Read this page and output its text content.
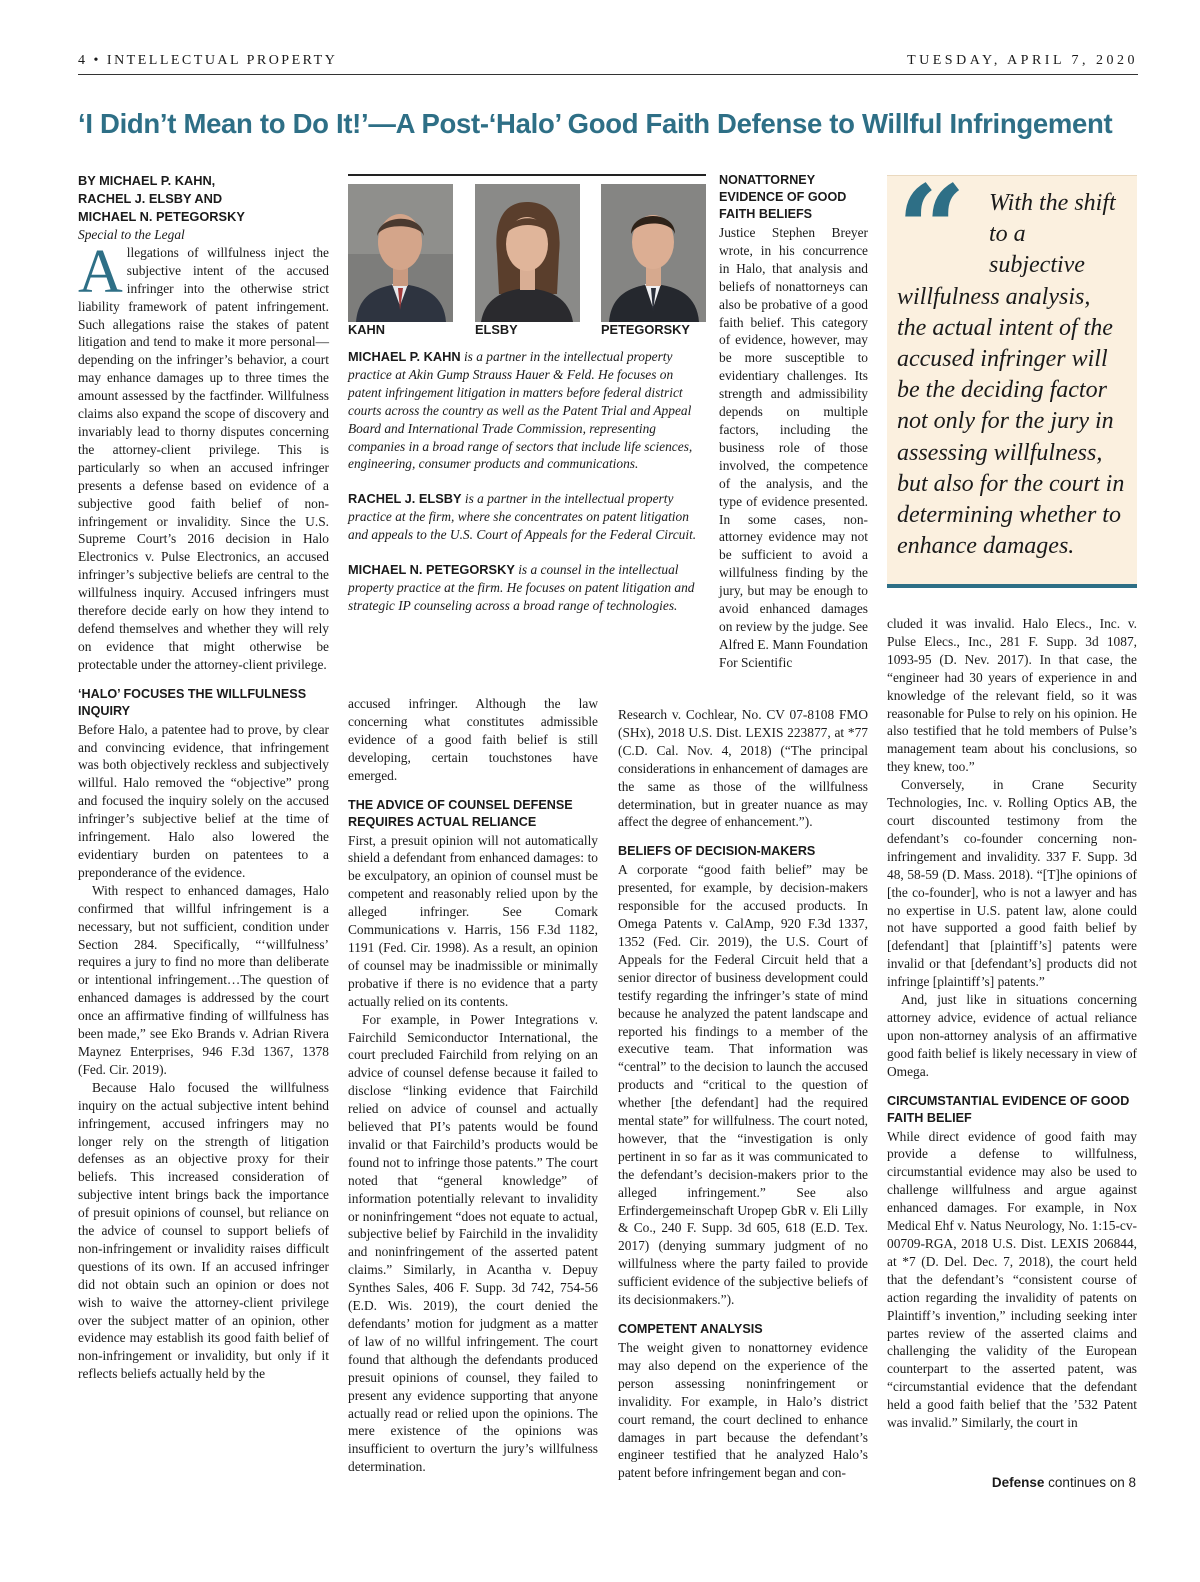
4 • INTELLECTUAL PROPERTY	TUESDAY, APRIL 7, 2020
‘I Didn’t Mean to Do It!’—A Post-‘Halo’ Good Faith Defense to Willful Infringement

BY MICHAEL P. KAHN,

RACHEL J. ELSBY AND

MICHAEL N. PETEGORSKY

Special to the Legal

Allegations of willfulness inject the subjective intent of the accused infringer into the otherwise strict liability framework of patent infringement. Such allegations raise the stakes of patent litigation and tend to make it more personal—depending on the infringer’s behavior, a court may enhance damages up to three times the amount assessed by the factfinder. Willfulness claims also expand the scope of discovery and invariably lead to thorny disputes concerning the attorney-client privilege. This is particularly so when an accused infringer presents a defense based on evidence of a subjective good faith belief of non-infringement or invalidity. Since the U.S. Supreme Court’s 2016 decision in Halo Electronics v. Pulse Electronics, an accused infringer’s subjective beliefs are central to the willfulness inquiry. Accused infringers must therefore decide early on how they intend to defend themselves and whether they will rely on evidence that might otherwise be protectable under the attorney-client privilege.

‘HALO’ FOCUSES THE WILLFULNESS INQUIRY

Before Halo, a patentee had to prove, by clear and convincing evidence, that infringement was both objectively reckless and subjectively willful. Halo removed the “objective” prong and focused the inquiry solely on the accused infringer’s subjective belief at the time of infringement. Halo also lowered the evidentiary burden on patentees to a preponderance of the evidence.

With respect to enhanced damages, Halo confirmed that willful infringement is a necessary, but not sufficient, condition under Section 284. Specifically, “‘willfulness’ requires a jury to find no more than deliberate or intentional infringement…The question of enhanced damages is addressed by the court once an affirmative finding of willfulness has been made,” see Eko Brands v. Adrian Rivera Maynez Enterprises, 946 F.3d 1367, 1378 (Fed. Cir. 2019).

Because Halo focused the willfulness inquiry on the actual subjective intent behind infringement, accused infringers may no longer rely on the strength of litigation defenses as an objective proxy for their beliefs. This increased consideration of subjective intent brings back the importance of presuit opinions of counsel, but reliance on the advice of counsel to support beliefs of non-infringement or invalidity raises difficult questions of its own. If an accused infringer did not obtain such an opinion or does not wish to waive the attorney-client privilege over the subject matter of an opinion, other evidence may establish its good faith belief of non-infringement or invalidity, but only if it reflects beliefs actually held by the

KAHN	ELSBY	PETEGORSKY

MICHAEL P. KAHN is a partner in the intellectual property practice at Akin Gump Strauss Hauer & Feld. He focuses on patent infringement litigation in matters before federal district courts across the country as well as the Patent Trial and Appeal Board and International Trade Commission, representing companies in a broad range of sectors that include life sciences, engineering, consumer products and communications.

RACHEL J. ELSBY is a partner in the intellectual property practice at the firm, where she concentrates on patent litigation and appeals to the U.S. Court of Appeals for the Federal Circuit.

MICHAEL N. PETEGORSKY is a counsel in the intellectual property practice at the firm. He focuses on patent litigation and strategic IP counseling across a broad range of technologies.

accused infringer. Although the law concerning what constitutes admissible evidence of a good faith belief is still developing, certain touchstones have emerged.

THE ADVICE OF COUNSEL DEFENSE REQUIRES ACTUAL RELIANCE

First, a presuit opinion will not automatically shield a defendant from enhanced damages: to be exculpatory, an opinion of counsel must be competent and reasonably relied upon by the alleged infringer. See Comark Communications v. Harris, 156 F.3d 1182, 1191 (Fed. Cir. 1998). As a result, an opinion of counsel may be inadmissible or minimally probative if there is no evidence that a party actually relied on its contents.

For example, in Power Integrations v. Fairchild Semiconductor International, the court precluded Fairchild from relying on an advice of counsel defense because it failed to disclose “linking evidence that Fairchild relied on advice of counsel and actually believed that PI’s patents would be found invalid or that Fairchild’s products would be found not to infringe those patents.” The court noted that “general knowledge” of information potentially relevant to invalidity or noninfringement “does not equate to actual, subjective belief by Fairchild in the invalidity and noninfringement of the asserted patent claims.” Similarly, in Acantha v. Depuy Synthes Sales, 406 F. Supp. 3d 742, 754-56 (E.D. Wis. 2019), the court denied the defendants’ motion for judgment as a matter of law of no willful infringement. The court found that although the defendants produced presuit opinions of counsel, they failed to present any evidence supporting that anyone actually read or relied upon the opinions. The mere existence of the opinions was insufficient to overturn the jury’s willfulness determination.

NONATTORNEY EVIDENCE OF GOOD FAITH BELIEFS

Justice Stephen Breyer wrote, in his concurrence in Halo, that analysis and beliefs of nonattorneys can also be probative of a good faith belief. This category of evidence, however, may be more susceptible to evidentiary challenges. Its strength and admissibility depends on multiple factors, including the business role of those involved, the competence of the analysis, and the type of evidence presented. In some cases, non-attorney evidence may not be sufficient to avoid a willfulness finding by the jury, but may be enough to avoid enhanced damages on review by the judge. See Alfred E. Mann Foundation For Scientific

Research v. Cochlear, No. CV 07-8108 FMO (SHx), 2018 U.S. Dist. LEXIS 223877, at *77 (C.D. Cal. Nov. 4, 2018) (“The principal considerations in enhancement of damages are the same as those of the willfulness determination, but in greater nuance as may affect the degree of enhancement.”).

BELIEFS OF DECISION-MAKERS

A corporate “good faith belief” may be presented, for example, by decision-makers responsible for the accused products. In Omega Patents v. CalAmp, 920 F.3d 1337, 1352 (Fed. Cir. 2019), the U.S. Court of Appeals for the Federal Circuit held that a senior director of business development could testify regarding the infringer’s state of mind because he analyzed the patent landscape and reported his findings to a member of the executive team. That information was “central” to the decision to launch the accused products and “critical to the question of whether [the defendant] had the required mental state” for willfulness. The court noted, however, that the “investigation is only pertinent in so far as it was communicated to the defendant’s decision-makers prior to the alleged infringement.” See also Erfindergemeinschaft Uropep GbR v. Eli Lilly & Co., 240 F. Supp. 3d 605, 618 (E.D. Tex. 2017) (denying summary judgment of no willfulness where the party failed to provide sufficient evidence of the subjective beliefs of its decisionmakers.”).

COMPETENT ANALYSIS

The weight given to nonattorney evidence may also depend on the experience of the person assessing noninfringement or invalidity. For example, in Halo’s district court remand, the court declined to enhance damages in part because the defendant’s engineer testified that he analyzed Halo’s patent before infringement began and con-

“ With the shift to a subjective willfulness analysis, the actual intent of the accused infringer will be the deciding factor not only for the jury in assessing willfulness, but also for the court in determining whether to enhance damages.

cluded it was invalid. Halo Elecs., Inc. v. Pulse Elecs., Inc., 281 F. Supp. 3d 1087, 1093-95 (D. Nev. 2017). In that case, the “engineer had 30 years of experience in and knowledge of the relevant field, so it was reasonable for Pulse to rely on his opinion. He also testified that he told members of Pulse’s management team about his conclusions, so they knew, too.”

Conversely, in Crane Security Technologies, Inc. v. Rolling Optics AB, the court discounted testimony from the defendant’s co-founder concerning non-infringement and invalidity. 337 F. Supp. 3d 48, 58-59 (D. Mass. 2018). “[T]he opinions of [the co-founder], who is not a lawyer and has no expertise in U.S. patent law, alone could not have supported a good faith belief by [defendant] that [plaintiff’s] patents were invalid or that [defendant’s] products did not infringe [plaintiff’s] patents.”

And, just like in situations concerning attorney advice, evidence of actual reliance upon non-attorney analysis of an affirmative good faith belief is likely necessary in view of Omega.

CIRCUMSTANTIAL EVIDENCE OF GOOD FAITH BELIEF

While direct evidence of good faith may provide a defense to willfulness, circumstantial evidence may also be used to challenge willfulness and argue against enhanced damages. For example, in Nox Medical Ehf v. Natus Neurology, No. 1:15-cv-00709-RGA, 2018 U.S. Dist. LEXIS 206844, at *7 (D. Del. Dec. 7, 2018), the court held that the defendant’s “consistent course of action regarding the invalidity of patents on Plaintiff’s invention,” including seeking inter partes review of the asserted claims and challenging the validity of the European counterpart to the asserted patent, was “circumstantial evidence that the defendant held a good faith belief that the ’532 Patent was invalid.” Similarly, the court in

Defense continues on 8
